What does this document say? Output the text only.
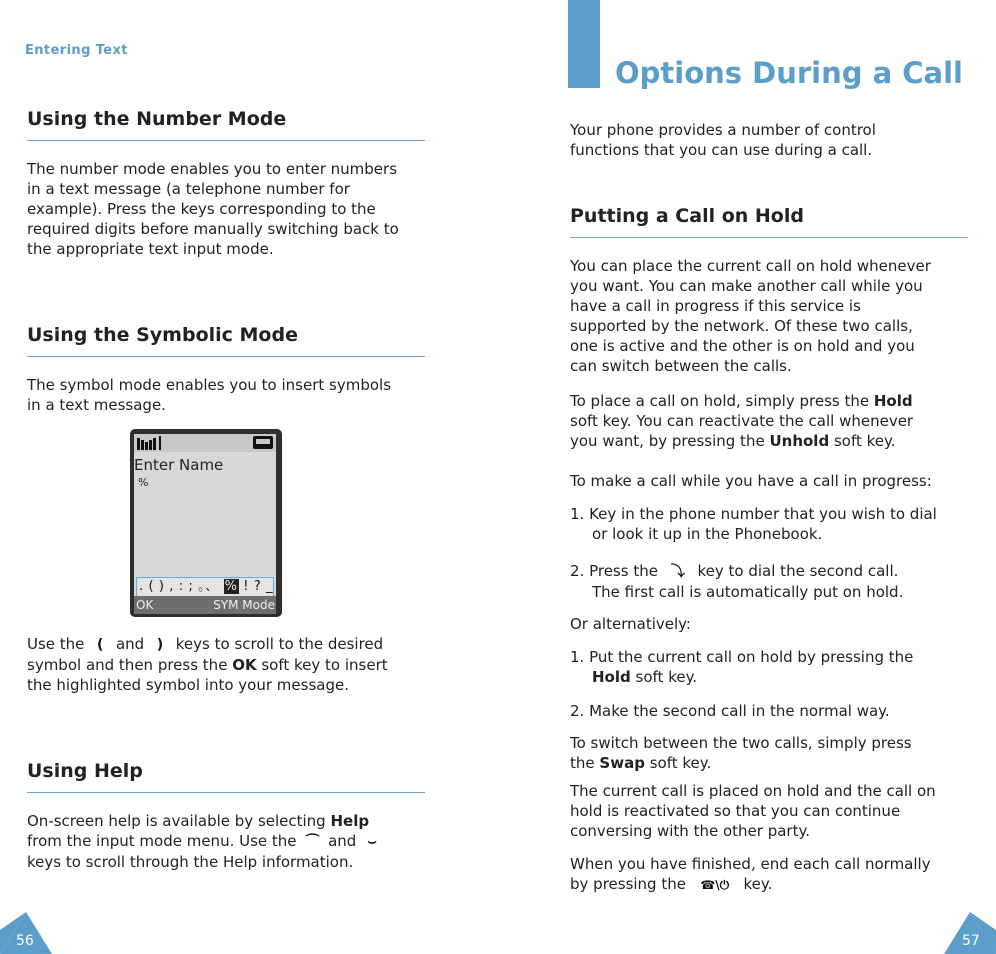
Entering Text
Using the Number Mode
The number mode enables you to enter numbers
in a text message (a telephone number for
example). Press the keys corresponding to the
required digits before manually switching back to
the appropriate text input mode.
Using the Symbolic Mode
The symbol mode enables you to insert symbols
in a text message.
Enter Name
%
. ( ) , : ; 。、 % ! ? _
OK	SYM Mode
Use the ( and ) keys to scroll to the desired
symbol and then press the OK soft key to insert
the highlighted symbol into your message.
Using Help
On-screen help is available by selecting Help
from the input mode menu. Use the ⌒ and ⌣
keys to scroll through the Help information.
56
Options During a Call
Your phone provides a number of control
functions that you can use during a call.
Putting a Call on Hold
You can place the current call on hold whenever
you want. You can make another call while you
have a call in progress if this service is
supported by the network. Of these two calls,
one is active and the other is on hold and you
can switch between the calls.
To place a call on hold, simply press the Hold
soft key. You can reactivate the call whenever
you want, by pressing the Unhold soft key.
To make a call while you have a call in progress:
1. Key in the phone number that you wish to dial
or look it up in the Phonebook.
2. Press the ⤵ key to dial the second call.
The first call is automatically put on hold.
Or alternatively:
1. Put the current call on hold by pressing the
Hold soft key.
2. Make the second call in the normal way.
To switch between the two calls, simply press
the Swap soft key.
The current call is placed on hold and the call on
hold is reactivated so that you can continue
conversing with the other party.
When you have finished, end each call normally
by pressing the ☎\⏻ key.
57
